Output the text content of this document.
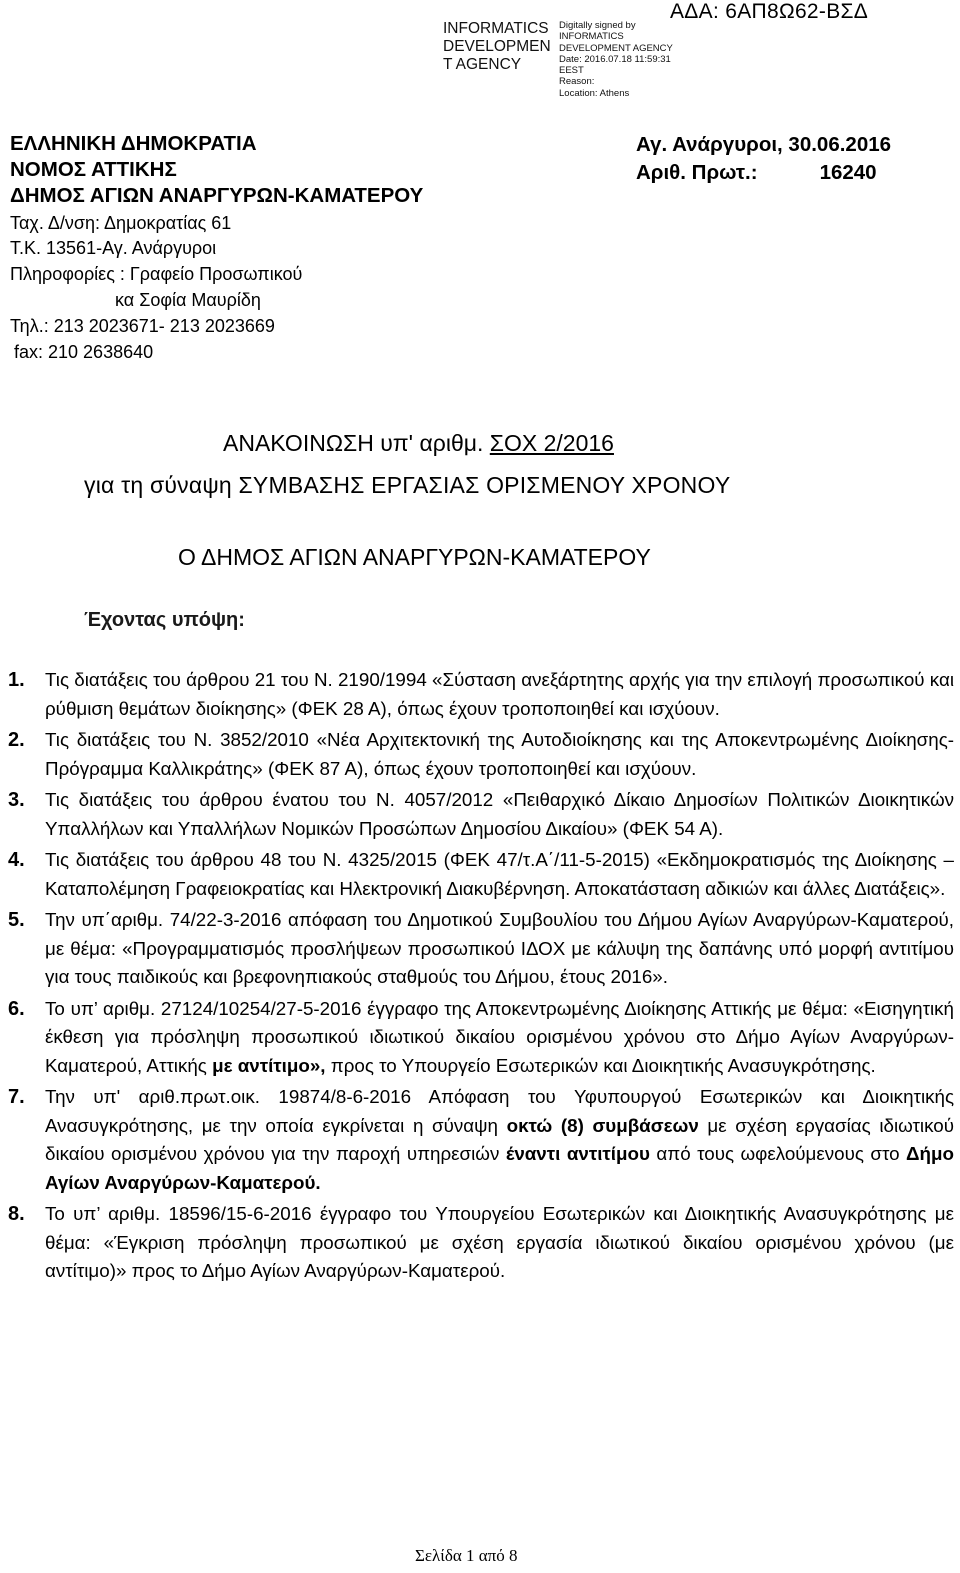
INFORMATICS DEVELOPMEN T AGENCY
Digitally signed by
INFORMATICS
DEVELOPMENT AGENCY
Date: 2016.07.18 11:59:31
EEST
Reason:
Location: Athens
ΑΔΑ: 6ΑΠ8Ω62-ΒΣΔ
ΕΛΛΗΝΙΚΗ ΔΗΜΟΚΡΑΤΙΑ
ΝΟΜΟΣ ΑΤΤΙΚΗΣ
ΔΗΜΟΣ ΑΓΙΩΝ ΑΝΑΡΓΥΡΩΝ-ΚΑΜΑΤΕΡΟΥ
Ταχ. Δ/νση: Δημοκρατίας 61
Τ.Κ. 13561-Αγ. Ανάργυροι
Πληροφορίες : Γραφείο Προσωπικού
κα Σοφία Μαυρίδη
Τηλ.: 213 2023671- 213 2023669
fax: 210 2638640
Αγ. Ανάργυροι, 30.06.2016
Αριθ. Πρωτ.:	16240
ΑΝΑΚΟΙΝΩΣΗ υπ' αριθμ. ΣΟΧ 2/2016
για τη σύναψη ΣΥΜΒΑΣΗΣ ΕΡΓΑΣΙΑΣ ΟΡΙΣΜΕΝΟΥ ΧΡΟΝΟΥ
Ο ΔΗΜΟΣ ΑΓΙΩΝ ΑΝΑΡΓΥΡΩΝ-ΚΑΜΑΤΕΡΟΥ
Έχοντας υπόψη:
1.	Τις διατάξεις του άρθρου 21 του Ν. 2190/1994 «Σύσταση ανεξάρτητης αρχής για την επιλογή προσωπικού και ρύθμιση θεμάτων διοίκησης» (ΦΕΚ 28 Α), όπως έχουν τροποποιηθεί και ισχύουν.
2.	Τις διατάξεις του Ν. 3852/2010 «Νέα Αρχιτεκτονική της Αυτοδιοίκησης και της Αποκεντρωμένης Διοίκησης- Πρόγραμμα Καλλικράτης» (ΦΕΚ 87 Α), όπως έχουν τροποποιηθεί και ισχύουν.
3.	Τις διατάξεις του άρθρου ένατου του Ν. 4057/2012 «Πειθαρχικό Δίκαιο Δημοσίων Πολιτικών Διοικητικών Υπαλλήλων και Υπαλλήλων Νομικών Προσώπων Δημοσίου Δικαίου» (ΦΕΚ 54 Α).
4.	Τις διατάξεις του άρθρου 48 του Ν. 4325/2015 (ΦΕΚ 47/τ.Α΄/11-5-2015) «Εκδημοκρατισμός της Διοίκησης – Καταπολέμηση Γραφειοκρατίας και Ηλεκτρονική Διακυβέρνηση. Αποκατάσταση αδικιών και άλλες Διατάξεις».
5.	Την υπ΄αριθμ. 74/22-3-2016 απόφαση του Δημοτικού Συμβουλίου του Δήμου Αγίων Αναργύρων-Καματερού, με θέμα: «Προγραμματισμός προσλήψεων προσωπικού ΙΔΟΧ με κάλυψη της δαπάνης υπό μορφή αντιτίμου για τους παιδικούς και βρεφονηπιακούς σταθμούς του Δήμου, έτους 2016».
6.	Το υπ’ αριθμ. 27124/10254/27-5-2016 έγγραφο της Αποκεντρωμένης Διοίκησης Αττικής με θέμα: «Εισηγητική έκθεση για πρόσληψη προσωπικού ιδιωτικού δικαίου ορισμένου χρόνου στο Δήμο Αγίων Αναργύρων-Καματερού, Αττικής με αντίτιμο», προς το Υπουργείο Εσωτερικών και Διοικητικής Ανασυγκρότησης.
7.	Την υπ' αριθ.πρωτ.οικ. 19874/8-6-2016 Απόφαση του Υφυπουργού Εσωτερικών και Διοικητικής Ανασυγκρότησης, με την οποία εγκρίνεται η σύναψη οκτώ (8) συμβάσεων με σχέση εργασίας ιδιωτικού δικαίου ορισμένου χρόνου για την παροχή υπηρεσιών έναντι αντιτίμου από τους ωφελούμενους στο Δήμο Αγίων Αναργύρων-Καματερού.
8.	Το υπ’ αριθμ. 18596/15-6-2016 έγγραφο του Υπουργείου Εσωτερικών και Διοικητικής Ανασυγκρότησης με θέμα: «Έγκριση πρόσληψη προσωπικού με σχέση εργασία ιδιωτικού δικαίου ορισμένου χρόνου (με αντίτιμο)» προς το Δήμο Αγίων Αναργύρων-Καματερού.
Σελίδα 1 από 8
